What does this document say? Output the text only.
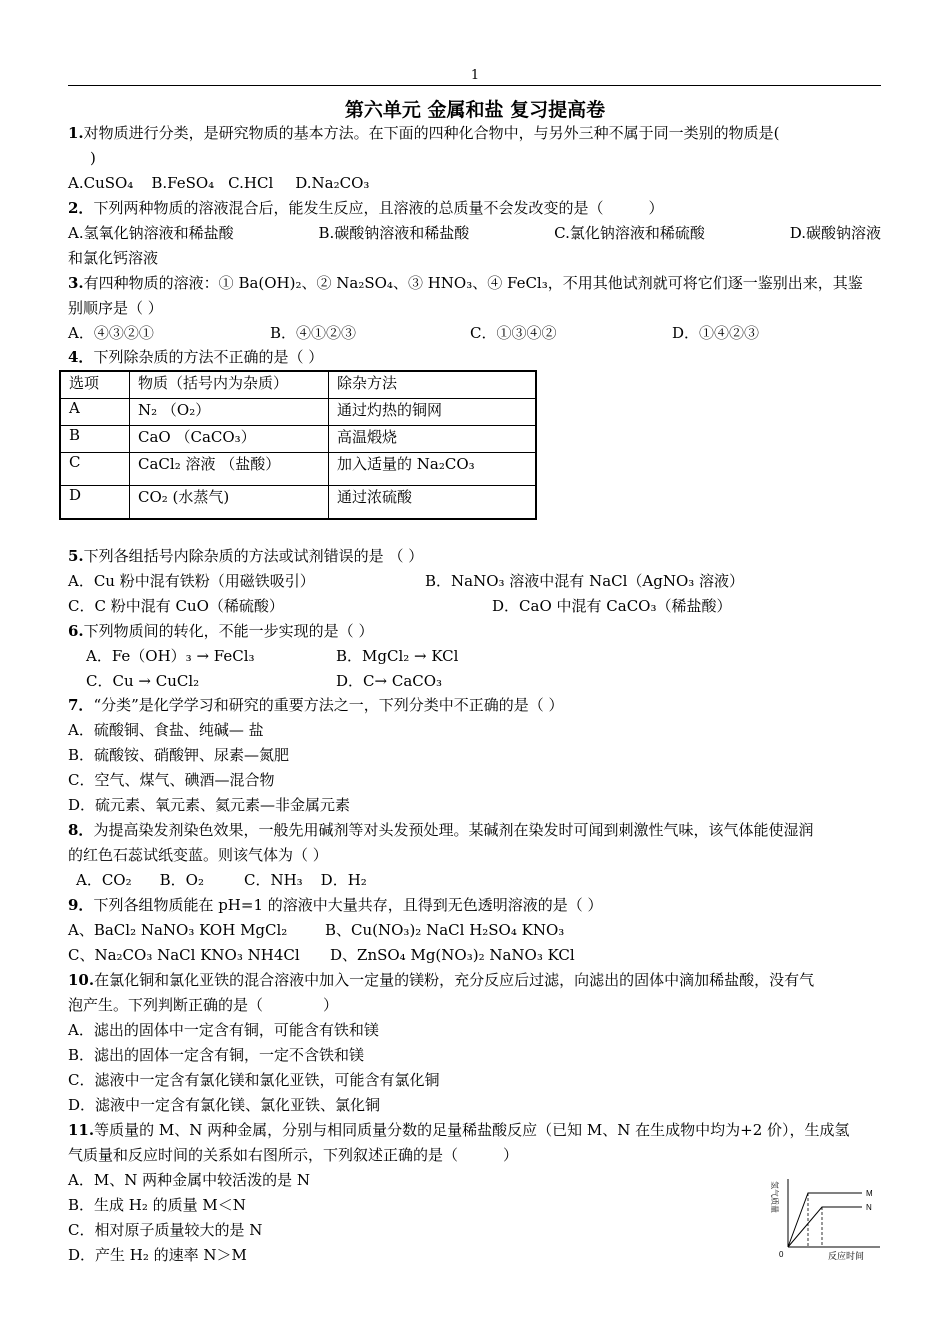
1
第六单元 金属和盐 复习提高卷
1.对物质进行分类，是研究物质的基本方法。在下面的四种化合物中，与另外三种不属于同一类别的物质是(
)
A.CuSO₄ B.FeSO₄ C.HCl D.Na₂CO₃
2．下列两种物质的溶液混合后，能发生反应，且溶液的总质量不会发改变的是（　　　）
A.氢氧化钠溶液和稀盐酸	B.碳酸钠溶液和稀盐酸	C.氯化钠溶液和稀硫酸	D.碳酸钠溶液
和氯化钙溶液
3.有四种物质的溶液：① Ba(OH)₂、② Na₂SO₄、③ HNO₃、④ FeCl₃，不用其他试剂就可将它们逐一鉴别出来，其鉴
别顺序是（ ）
A．④③②①	B．④①②③	C．①③④②	D．①④②③
4．下列除杂质的方法不正确的是（ ）
选项	物质（括号内为杂质）	除杂方法
A	N₂ （O₂）	通过灼热的铜网
B	CaO （CaCO₃）	高温煅烧
C	CaCl₂ 溶液 （盐酸）	加入适量的 Na₂CO₃
D	CO₂ (水蒸气)	通过浓硫酸
5.下列各组括号内除杂质的方法或试剂错误的是 （ ）
A．Cu 粉中混有铁粉（用磁铁吸引）	B．NaNO₃ 溶液中混有 NaCl（AgNO₃ 溶液）
C．C 粉中混有 CuO（稀硫酸）	D．CaO 中混有 CaCO₃（稀盐酸）
6.下列物质间的转化，不能一步实现的是（ ）
A．Fe（OH）₃ → FeCl₃	B．MgCl₂ → KCl
C．Cu → CuCl₂	D．C→ CaCO₃
7．“分类”是化学学习和研究的重要方法之一，下列分类中不正确的是（ ）
A．硫酸铜、食盐、纯碱— 盐
B．硫酸铵、硝酸钾、尿素—氮肥
C．空气、煤气、碘酒—混合物
D．硫元素、氧元素、氦元素—非金属元素
8．为提高染发剂染色效果，一般先用碱剂等对头发预处理。某碱剂在染发时可闻到刺激性气味，该气体能使湿润
的红色石蕊试纸变蓝。则该气体为（ ）
A．CO₂ B．O₂	C．NH₃ D．H₂
9．下列各组物质能在 pH=1 的溶液中大量共存，且得到无色透明溶液的是（ ）
A、BaCl₂ NaNO₃ KOH MgCl₂	B、Cu(NO₃)₂ NaCl H₂SO₄ KNO₃
C、Na₂CO₃ NaCl KNO₃ NH4Cl D、ZnSO₄ Mg(NO₃)₂ NaNO₃ KCl
10.在氯化铜和氯化亚铁的混合溶液中加入一定量的镁粉，充分反应后过滤，向滤出的固体中滴加稀盐酸，没有气
泡产生。下列判断正确的是（　　　　）
A．滤出的固体中一定含有铜，可能含有铁和镁
B．滤出的固体一定含有铜，一定不含铁和镁
C．滤液中一定含有氯化镁和氯化亚铁，可能含有氯化铜
D．滤液中一定含有氯化镁、氯化亚铁、氯化铜
11.等质量的 M、N 两种金属，分别与相同质量分数的足量稀盐酸反应（已知 M、N 在生成物中均为+2 价），生成氢
气质量和反应时间的关系如右图所示，下列叙述正确的是（　　　）
A．M、N 两种金属中较活泼的是 N
B．生成 H₂ 的质量 M＜N
C．相对原子质量较大的是 N
D．产生 H₂ 的速率 N＞M
M
N
0	反应时间
氢气质量
